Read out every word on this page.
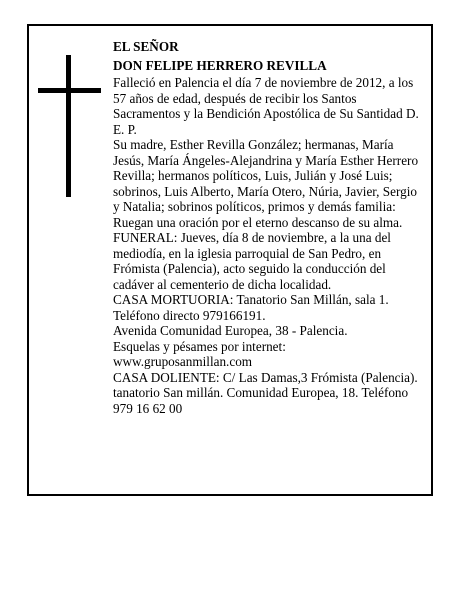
EL SEÑOR

DON FELIPE HERRERO REVILLA

Falleció en Palencia el día 7 de noviembre de 2012, a los 57 años de edad, después de recibir los Santos Sacramentos y la Bendición Apostólica de Su Santidad D. E. P.

Su madre, Esther Revilla González; hermanas, María Jesús, María Ángeles-Alejandrina y María Esther Herrero Revilla; hermanos políticos, Luis, Julián y José Luis; sobrinos, Luis Alberto, María Otero, Núria, Javier, Sergio y Natalia; sobrinos políticos, primos y demás familia:

Ruegan una oración por el eterno descanso de su alma.

FUNERAL: Jueves, día 8 de noviembre, a la una del mediodía, en la iglesia parroquial de San Pedro, en Frómista (Palencia), acto seguido la conducción del cadáver al cementerio de dicha localidad.

CASA MORTUORIA: Tanatorio San Millán, sala 1. Teléfono directo 979166191.

Avenida Comunidad Europea, 38 - Palencia.

Esquelas y pésames por internet: www.gruposanmillan.com

CASA DOLIENTE: C/ Las Damas,3 Frómista (Palencia).

tanatorio San millán. Comunidad Europea, 18. Teléfono 979 16 62 00
